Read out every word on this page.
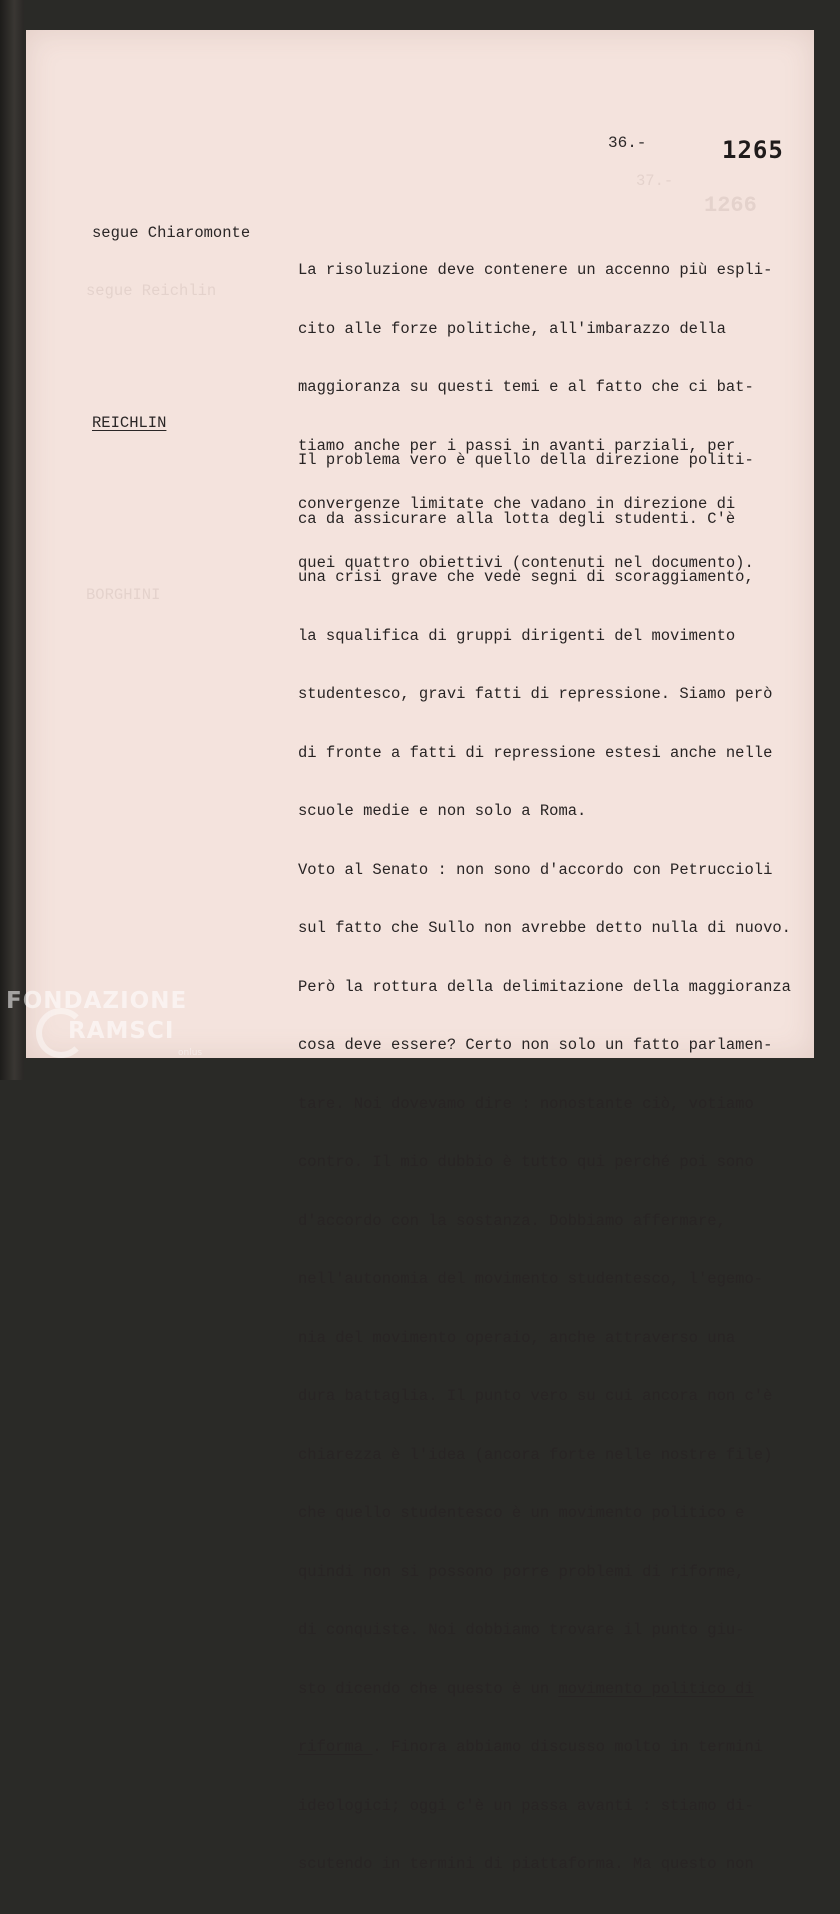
37.-
1266
segue Reichlin
BORGHINI
36.-	1265
segue Chiaromonte

La risoluzione deve contenere un accenno più espli-

cito alle forze politiche, all'imbarazzo della

maggioranza su questi temi e al fatto che ci bat-

tiamo anche per i passi in avanti parziali, per

convergenze limitate che vadano in direzione di

quei quattro obiettivi (contenuti nel documento).

REICHLIN

Il problema vero è quello della direzione politi-

ca da assicurare alla lotta degli studenti. C'è

una crisi grave che vede segni di scoraggiamento,

la squalifica di gruppi dirigenti del movimento

studentesco, gravi fatti di repressione. Siamo però

di fronte a fatti di repressione estesi anche nelle

scuole medie e non solo a Roma.

Voto al Senato : non sono d'accordo con Petruccioli

sul fatto che Sullo non avrebbe detto nulla di nuovo.

Però la rottura della delimitazione della maggioranza

cosa deve essere? Certo non solo un fatto parlamen-

tare. Noi dovevamo dire : nonostante ciò, votiamo

contro. Il mio dubbio è tutto qui perché poi sono

d'accordo con la sostanza. Dobbiamo affermare,

nell'autonomia del movimento studentesco, l'egemo-

nia del movimento operaio, anche attraverso una

dura battaglia. Il punto vero su cui ancora non c'è

chiarezza è l'idea (ancora forte nelle nostre file)

che quello studentesco è un movimento politico e

quindi non si possono porre problemi di riforme,

di conquiste. Noi dobbiamo trovare il punto giu-

sto dicendo che questo è un movimento politico di

riforma . Finora abbiamo discusso molto in termini

ideologici; oggi c'è un passa avanti : stiamo di-

scutendo in termini di piattaforma. Ma questo non

FONDAZIONE
RAMSCI
onlus
